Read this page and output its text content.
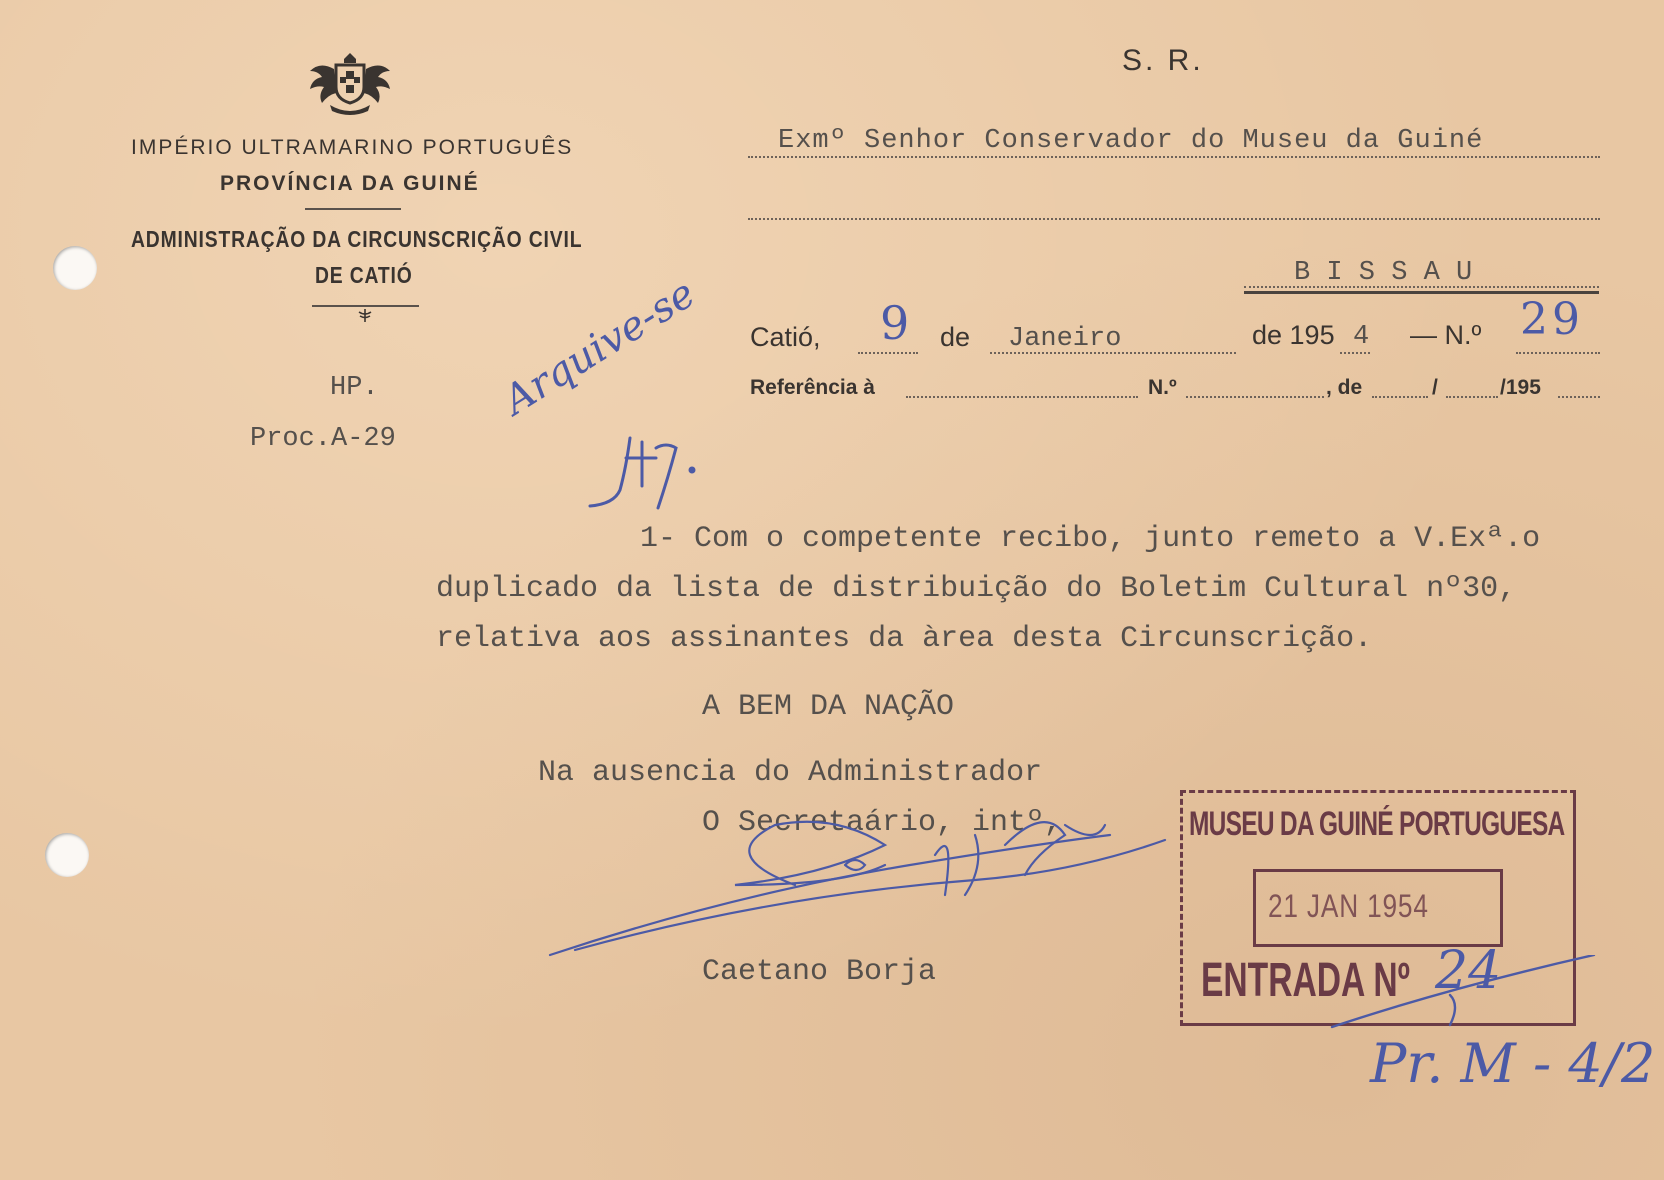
IMPÉRIO ULTRAMARINO PORTUGUÊS
PROVÍNCIA DA GUINÉ
ADMINISTRAÇÃO DA CIRCUNSCRIÇÃO CIVIL
DE CATIÓ
S. R.
Exmº Senhor Conservador do Museu da Guiné
B I S S A U
HP.
Proc.A-29
Catió, 9 de Janeiro	de 195 4 — N.º 29
Referência à	N.º	, de	/	/195
Arquive-se
1- Com o competente recibo, junto remeto a V.Exª.o
duplicado da lista de distribuição do Boletim Cultural nº30,
relativa aos assinantes da àrea desta Circunscrição.
A BEM DA NAÇÃO
Na ausencia do Administrador
O Secretaário, intº,
Caetano Borja
MUSEU DA GUINÉ PORTUGUESA
21 JAN 1954
ENTRADA Nº 24
Pr. M - 4/2
